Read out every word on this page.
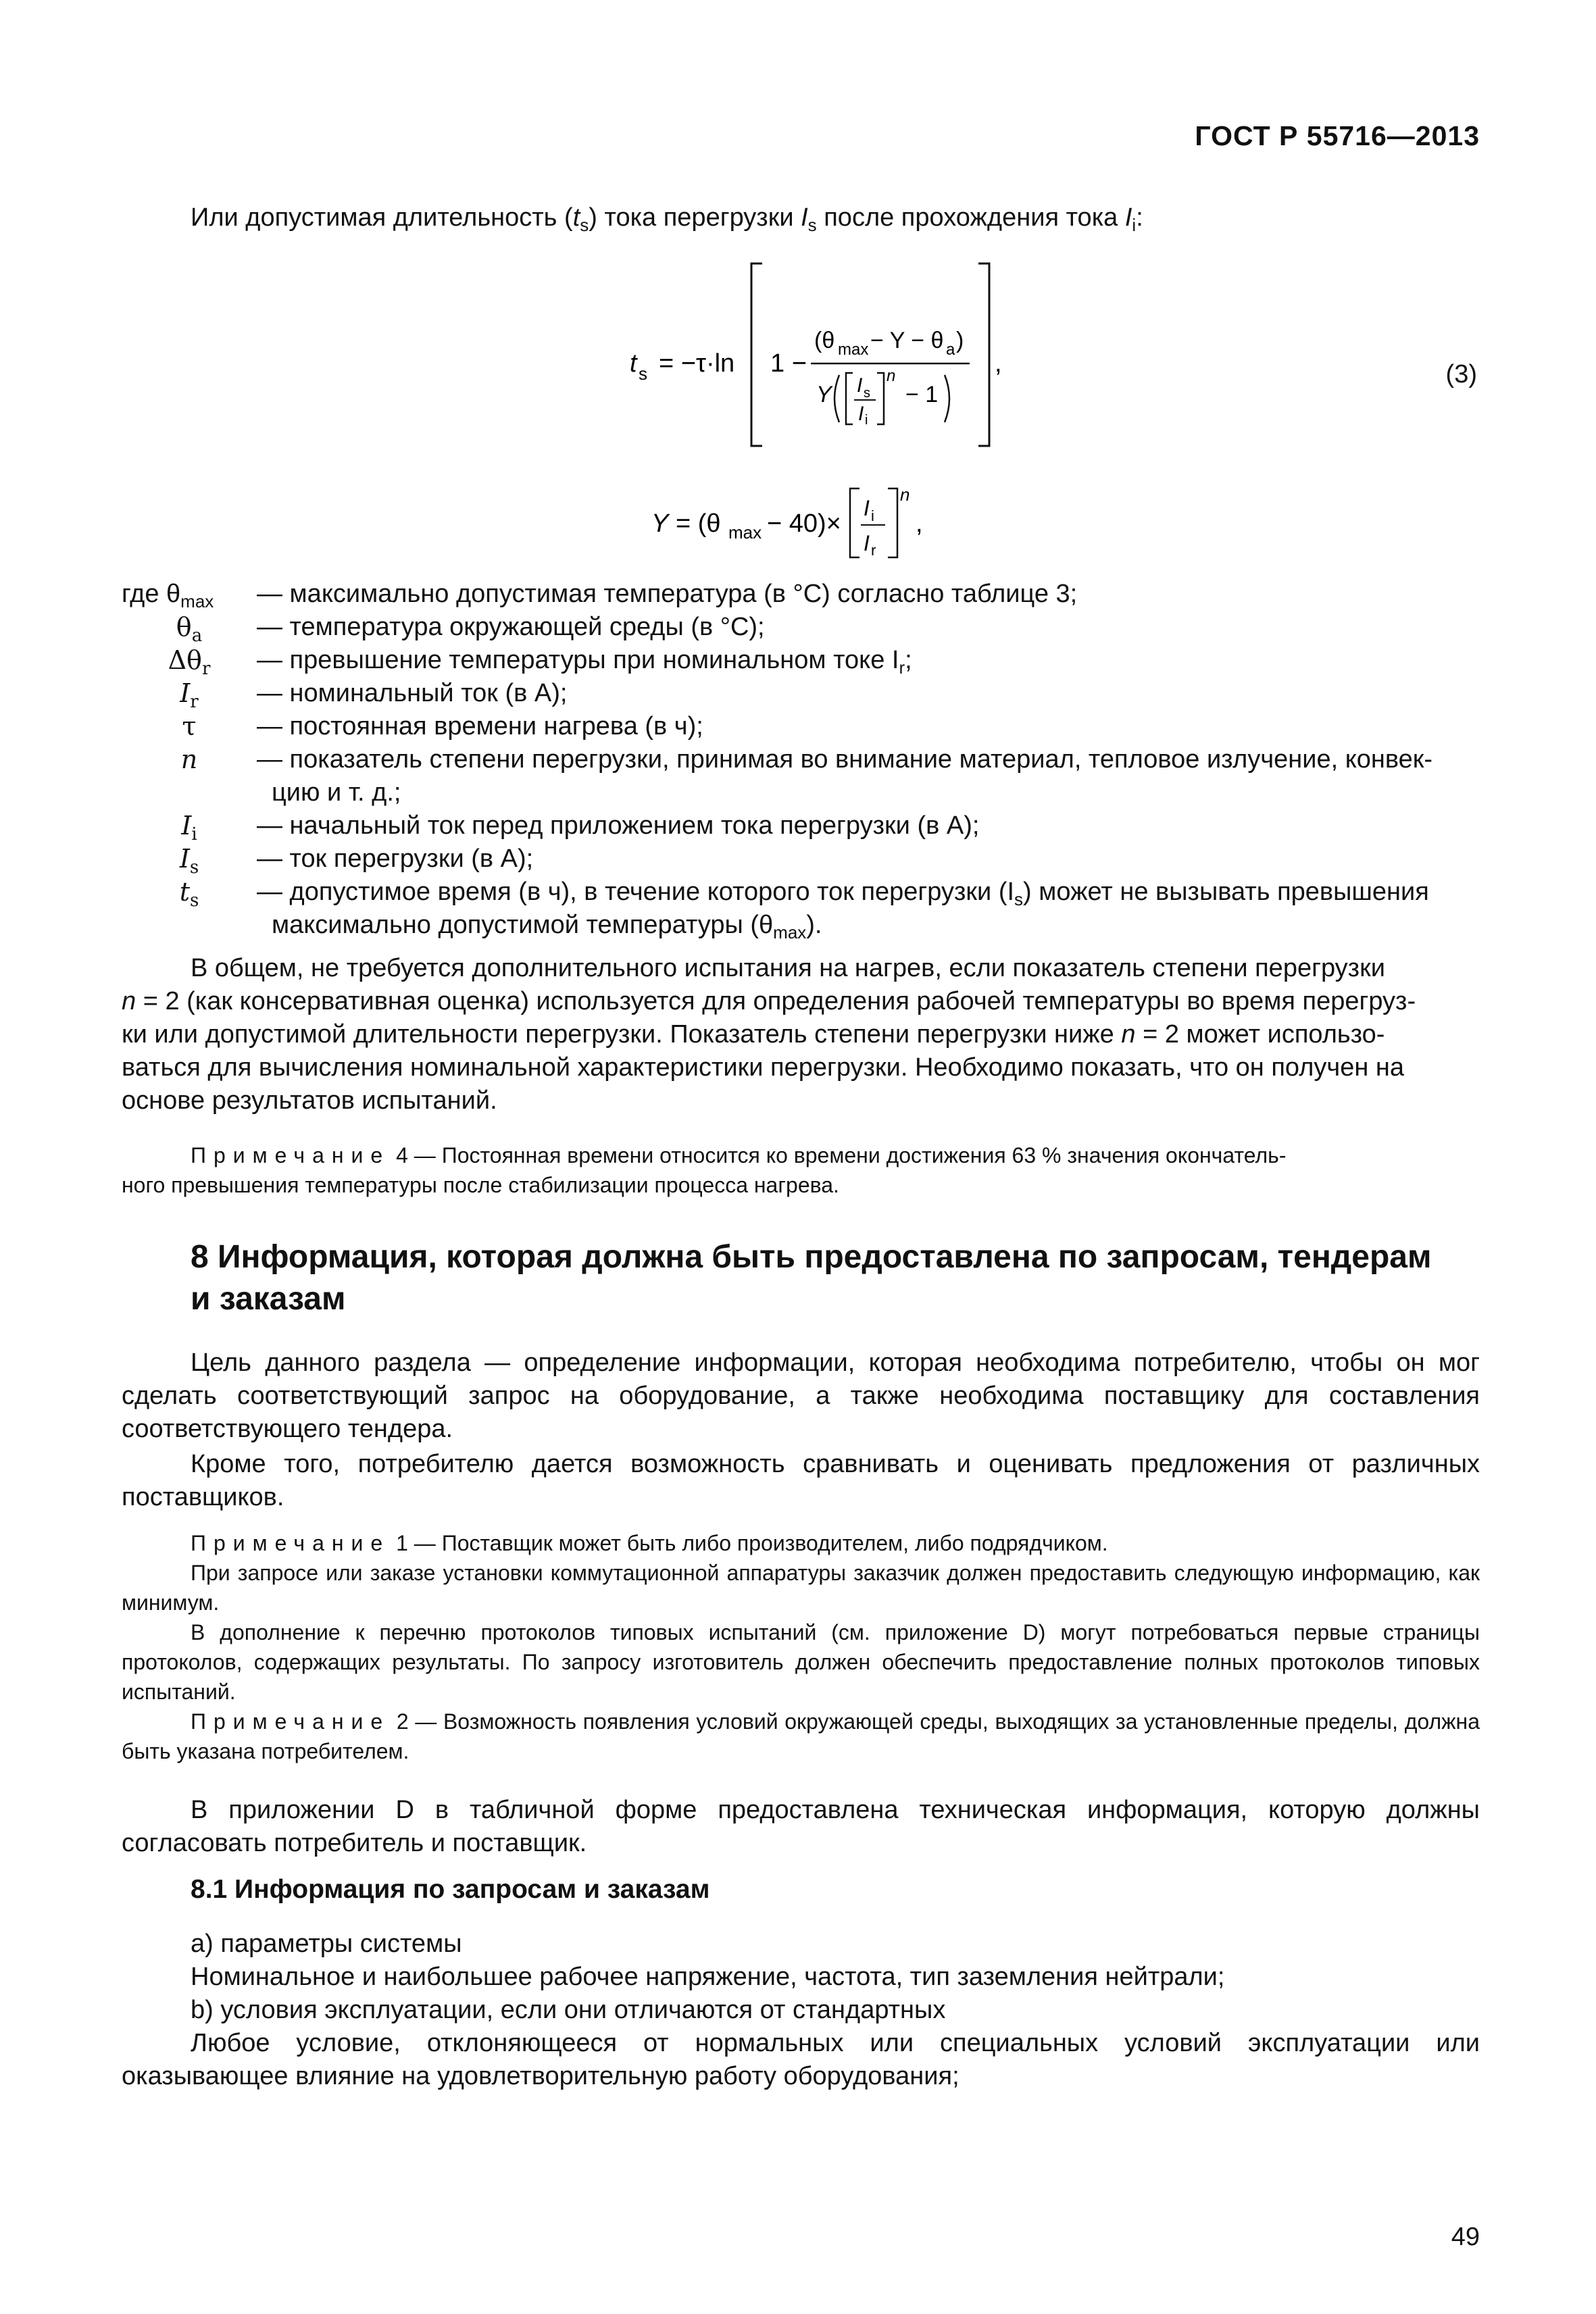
ГОСТ Р 55716—2013
Или допустимая длительность $(t_s)$ тока перегрузки $I_s$ после прохождения тока $I_i$:
t s = −τ·ln 1 −
(θ max − Y − θ a )
Y I s
I i
n
− 1
,	(3)
Y = (θ max − 40)×
I i
I r
n
,
где $\theta_{max}$	— максимально допустимая температура (в °С) согласно таблице 3;
$\theta_a$	— температура окружающей среды (в °С);
$\Delta\theta_r$	— превышение температуры при номинальном токе $I_r$;
$I_r$	— номинальный ток (в А);
τ	— постоянная времени нагрева (в ч);
n	— показатель степени перегрузки, принимая во внимание материал, тепловое излучение, конвек-
цию и т. д.;
$I_i$	— начальный ток перед приложением тока перегрузки (в А);
$I_s$	— ток перегрузки (в А);
$t_s$	— допустимое время (в ч), в течение которого ток перегрузки $(I_s)$ может не вызывать превышения
максимально допустимой температуры $(\theta_{max})$.
В общем, не требуется дополнительного испытания на нагрев, если показатель степени перегрузки
n = 2 (как консервативная оценка) используется для определения рабочей температуры во время перегруз-
ки или допустимой длительности перегрузки. Показатель степени перегрузки ниже n = 2 может использо-
ваться для вычисления номинальной характеристики перегрузки. Необходимо показать, что он получен на
основе результатов испытаний.
Примечание 4 — Постоянная времени относится ко времени достижения 63 % значения окончатель-
ного превышения температуры после стабилизации процесса нагрева.
8 Информация, которая должна быть предоставлена по запросам, тендерам
и заказам
Цель данного раздела — определение информации, которая необходима потребителю, чтобы он мог сделать соответствующий запрос на оборудование, а также необходима поставщику для составления соответствующего тендера.
Кроме того, потребителю дается возможность сравнивать и оценивать предложения от различных поставщиков.
Примечание 1 — Поставщик может быть либо производителем, либо подрядчиком.
При запросе или заказе установки коммутационной аппаратуры заказчик должен предоставить следующую информацию, как минимум.
В дополнение к перечню протоколов типовых испытаний (см. приложение D) могут потребоваться первые страницы протоколов, содержащих результаты. По запросу изготовитель должен обеспечить предоставление полных протоколов типовых испытаний.
Примечание 2 — Возможность появления условий окружающей среды, выходящих за установленные пределы, должна быть указана потребителем.
В приложении D в табличной форме предоставлена техническая информация, которую должны согласовать потребитель и поставщик.
8.1 Информация по запросам и заказам
а) параметры системы
Номинальное и наибольшее рабочее напряжение, частота, тип заземления нейтрали;
b) условия эксплуатации, если они отличаются от стандартных
Любое условие, отклоняющееся от нормальных или специальных условий эксплуатации или оказывающее влияние на удовлетворительную работу оборудования;
49
